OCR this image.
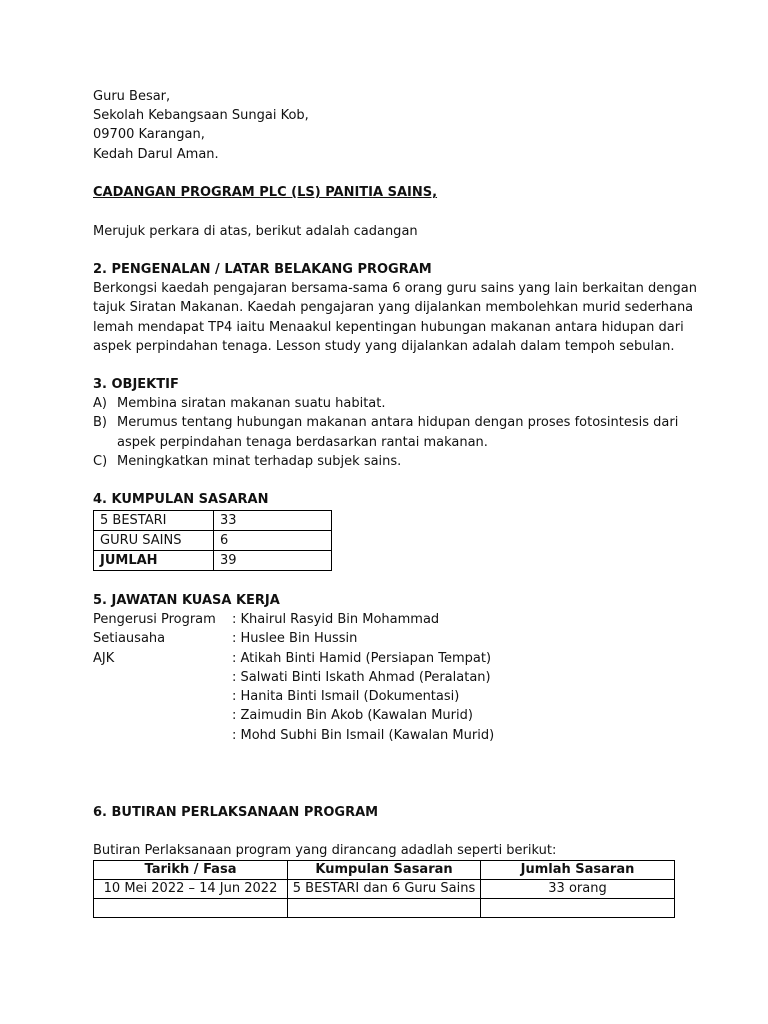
Guru Besar,
Sekolah Kebangsaan Sungai Kob,
09700 Karangan,
Kedah Darul Aman.
CADANGAN PROGRAM PLC (LS) PANITIA SAINS,
Merujuk perkara di atas, berikut adalah cadangan
2. PENGENALAN / LATAR BELAKANG PROGRAM
Berkongsi kaedah pengajaran bersama-sama 6 orang guru sains yang lain berkaitan dengan
tajuk Siratan Makanan. Kaedah pengajaran yang dijalankan membolehkan murid sederhana
lemah mendapat TP4 iaitu Menaakul kepentingan hubungan makanan antara hidupan dari
aspek perpindahan tenaga. Lesson study yang dijalankan adalah dalam tempoh sebulan.
3. OBJEKTIF
A) Membina siratan makanan suatu habitat.
B) Merumus tentang hubungan makanan antara hidupan dengan proses fotosintesis dari
aspek perpindahan tenaga berdasarkan rantai makanan.
C) Meningkatkan minat terhadap subjek sains.
4. KUMPULAN SASARAN
5 BESTARI	33
GURU SAINS	6
JUMLAH	39
5. JAWATAN KUASA KERJA
Pengerusi Program : Khairul Rasyid Bin Mohammad
Setiausaha	: Huslee Bin Hussin
AJK	: Atikah Binti Hamid (Persiapan Tempat)
: Salwati Binti Iskath Ahmad (Peralatan)
: Hanita Binti Ismail (Dokumentasi)
: Zaimudin Bin Akob (Kawalan Murid)
: Mohd Subhi Bin Ismail (Kawalan Murid)
6. BUTIRAN PERLAKSANAAN PROGRAM
Butiran Perlaksanaan program yang dirancang adadlah seperti berikut:
Tarikh / Fasa	Kumpulan Sasaran	Jumlah Sasaran
10 Mei 2022 – 14 Jun 2022	5 BESTARI dan 6 Guru Sains	33 orang
